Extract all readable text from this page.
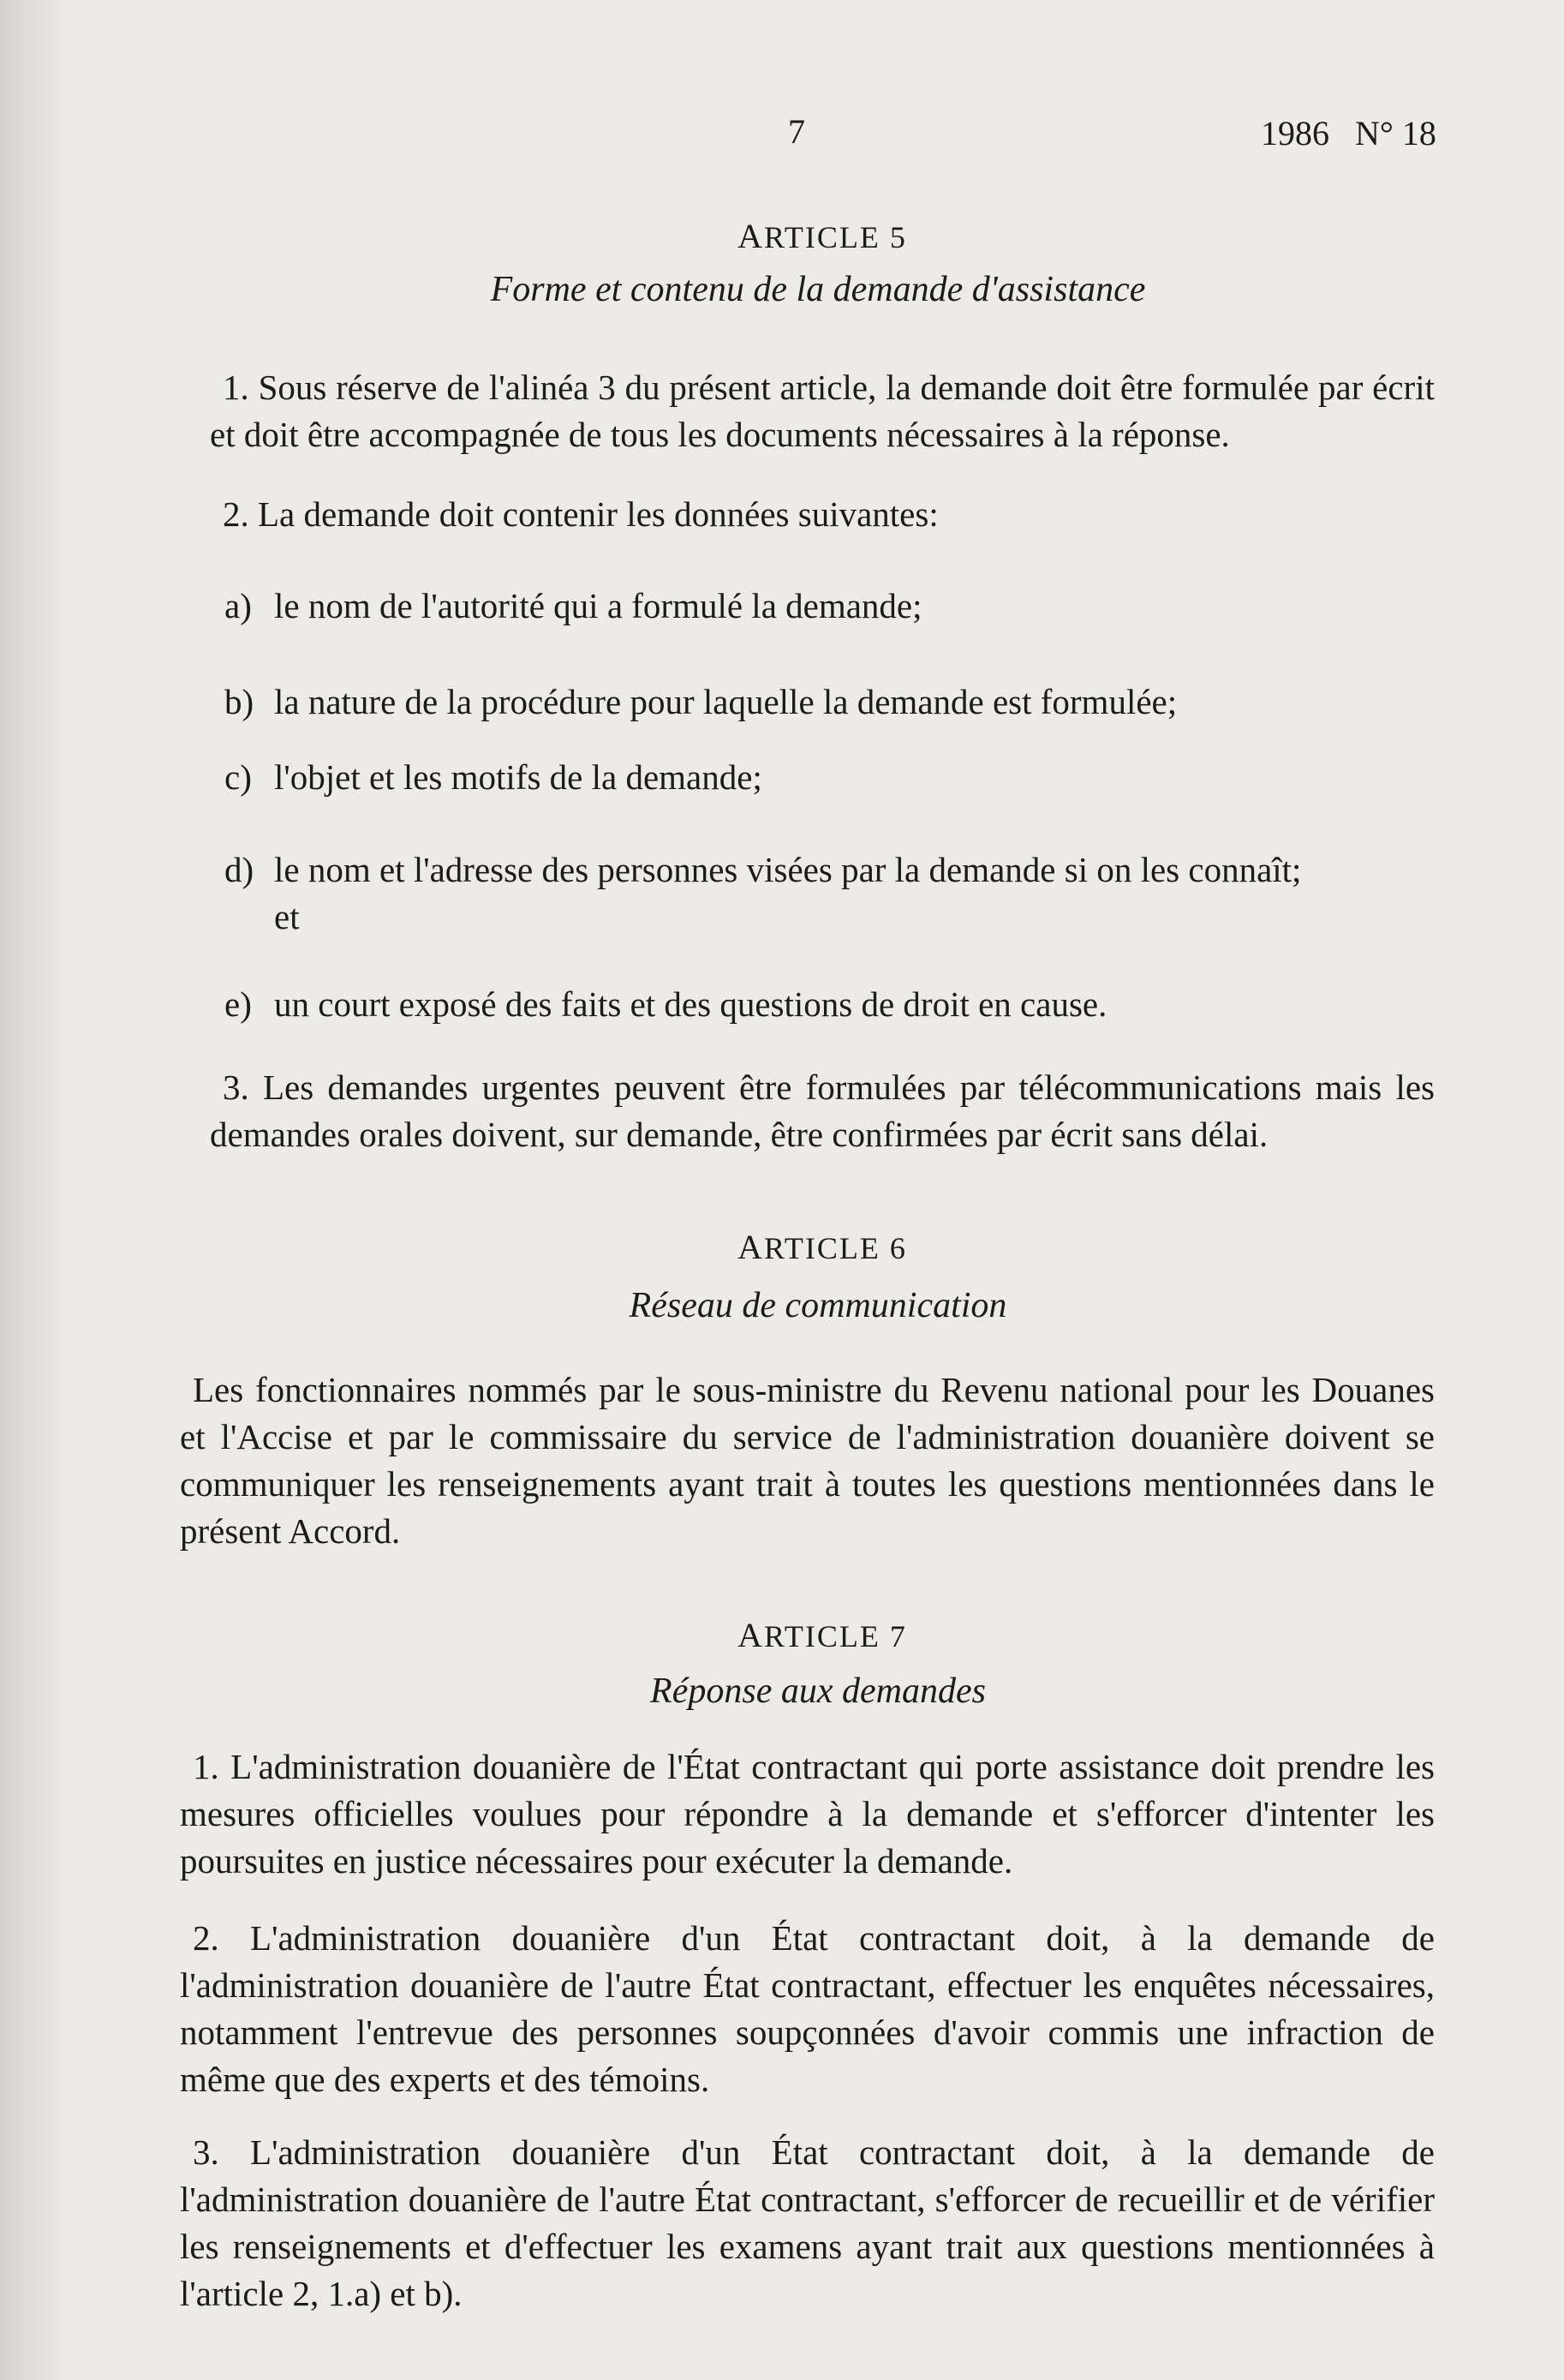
7	1986 N° 18
ARTICLE 5
Forme et contenu de la demande d'assistance

1. Sous réserve de l'alinéa 3 du présent article, la demande doit être formulée par écrit et doit être accompagnée de tous les documents nécessaires à la réponse.

2. La demande doit contenir les données suivantes:

a) le nom de l'autorité qui a formulé la demande;
b) la nature de la procédure pour laquelle la demande est formulée;
c) l'objet et les motifs de la demande;
d) le nom et l'adresse des personnes visées par la demande si on les connaît;
et
e) un court exposé des faits et des questions de droit en cause.

3. Les demandes urgentes peuvent être formulées par télécommunications mais les demandes orales doivent, sur demande, être confirmées par écrit sans délai.

ARTICLE 6
Réseau de communication

Les fonctionnaires nommés par le sous-ministre du Revenu national pour les Douanes et l'Accise et par le commissaire du service de l'administration douanière doivent se communiquer les renseignements ayant trait à toutes les questions mentionnées dans le présent Accord.

ARTICLE 7
Réponse aux demandes

1. L'administration douanière de l'État contractant qui porte assistance doit prendre les mesures officielles voulues pour répondre à la demande et s'efforcer d'intenter les poursuites en justice nécessaires pour exécuter la demande.

2. L'administration douanière d'un État contractant doit, à la demande de l'administration douanière de l'autre État contractant, effectuer les enquêtes nécessaires, notamment l'entrevue des personnes soupçonnées d'avoir commis une infraction de même que des experts et des témoins.

3. L'administration douanière d'un État contractant doit, à la demande de l'administration douanière de l'autre État contractant, s'efforcer de recueillir et de vérifier les renseignements et d'effectuer les examens ayant trait aux questions mentionnées à l'article 2, 1.a) et b).
